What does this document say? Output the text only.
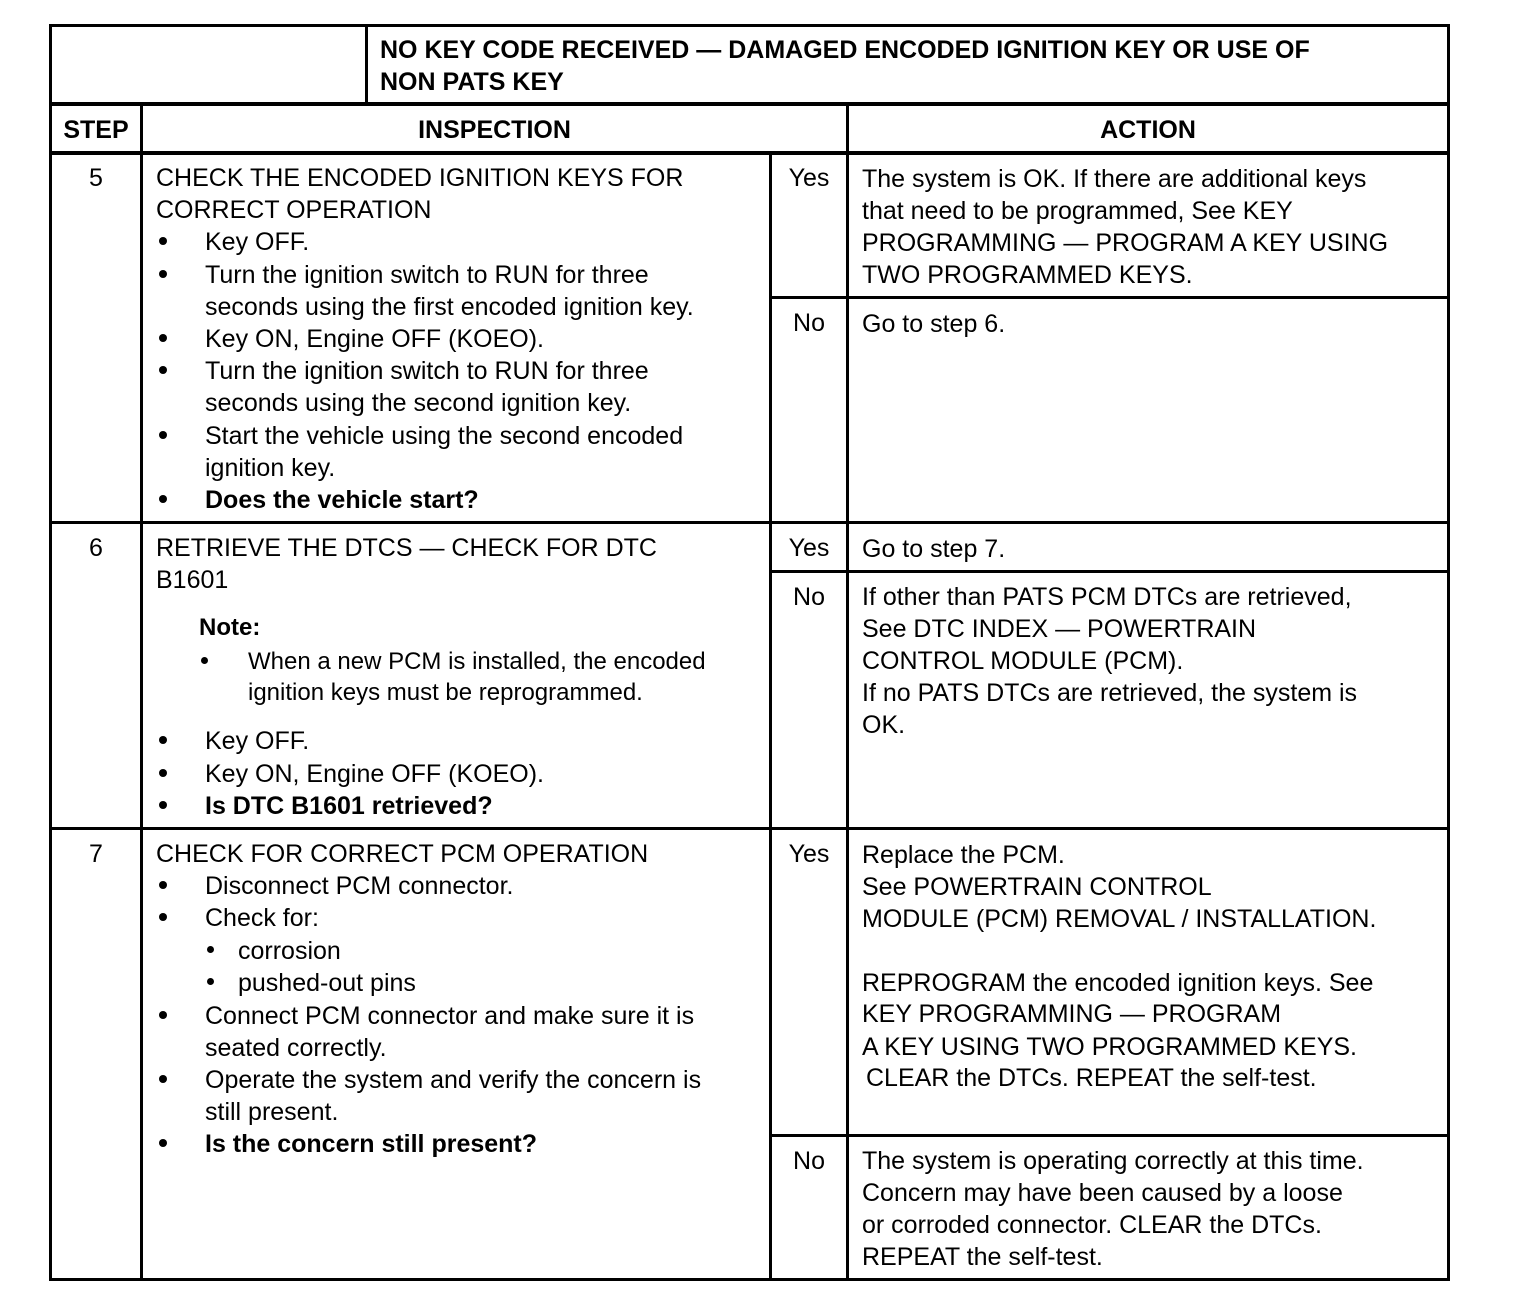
NO KEY CODE RECEIVED — DAMAGED ENCODED IGNITION KEY OR USE OF
NON PATS KEY
STEP	INSPECTION	ACTION
5	CHECK THE ENCODED IGNITION KEYS FOR
CORRECT OPERATION
Key OFF.
Turn the ignition switch to RUN for three
seconds using the first encoded ignition key.
Key ON, Engine OFF (KOEO).
Turn the ignition switch to RUN for three
seconds using the second ignition key.
Start the vehicle using the second encoded
ignition key.
Does the vehicle start?
Yes	The system is OK. If there are additional keys
that need to be programmed, See KEY
PROGRAMMING — PROGRAM A KEY USING
TWO PROGRAMMED KEYS.
No	Go to step 6.
6	RETRIEVE THE DTCS — CHECK FOR DTC
B1601
Note:
When a new PCM is installed, the encoded
ignition keys must be reprogrammed.
Key OFF.
Key ON, Engine OFF (KOEO).
Is DTC B1601 retrieved?
Yes	Go to step 7.
No	If other than PATS PCM DTCs are retrieved,
See DTC INDEX — POWERTRAIN
CONTROL MODULE (PCM).
If no PATS DTCs are retrieved, the system is
OK.
7	CHECK FOR CORRECT PCM OPERATION
Disconnect PCM connector.
Check for:
corrosion
pushed-out pins
Connect PCM connector and make sure it is
seated correctly.
Operate the system and verify the concern is
still present.
Is the concern still present?
Yes	Replace the PCM.
See POWERTRAIN CONTROL
MODULE (PCM) REMOVAL / INSTALLATION.
REPROGRAM the encoded ignition keys. See
KEY PROGRAMMING — PROGRAM
A KEY USING TWO PROGRAMMED KEYS.
CLEAR the DTCs. REPEAT the self-test.
No	The system is operating correctly at this time.
Concern may have been caused by a loose
or corroded connector. CLEAR the DTCs.
REPEAT the self-test.
